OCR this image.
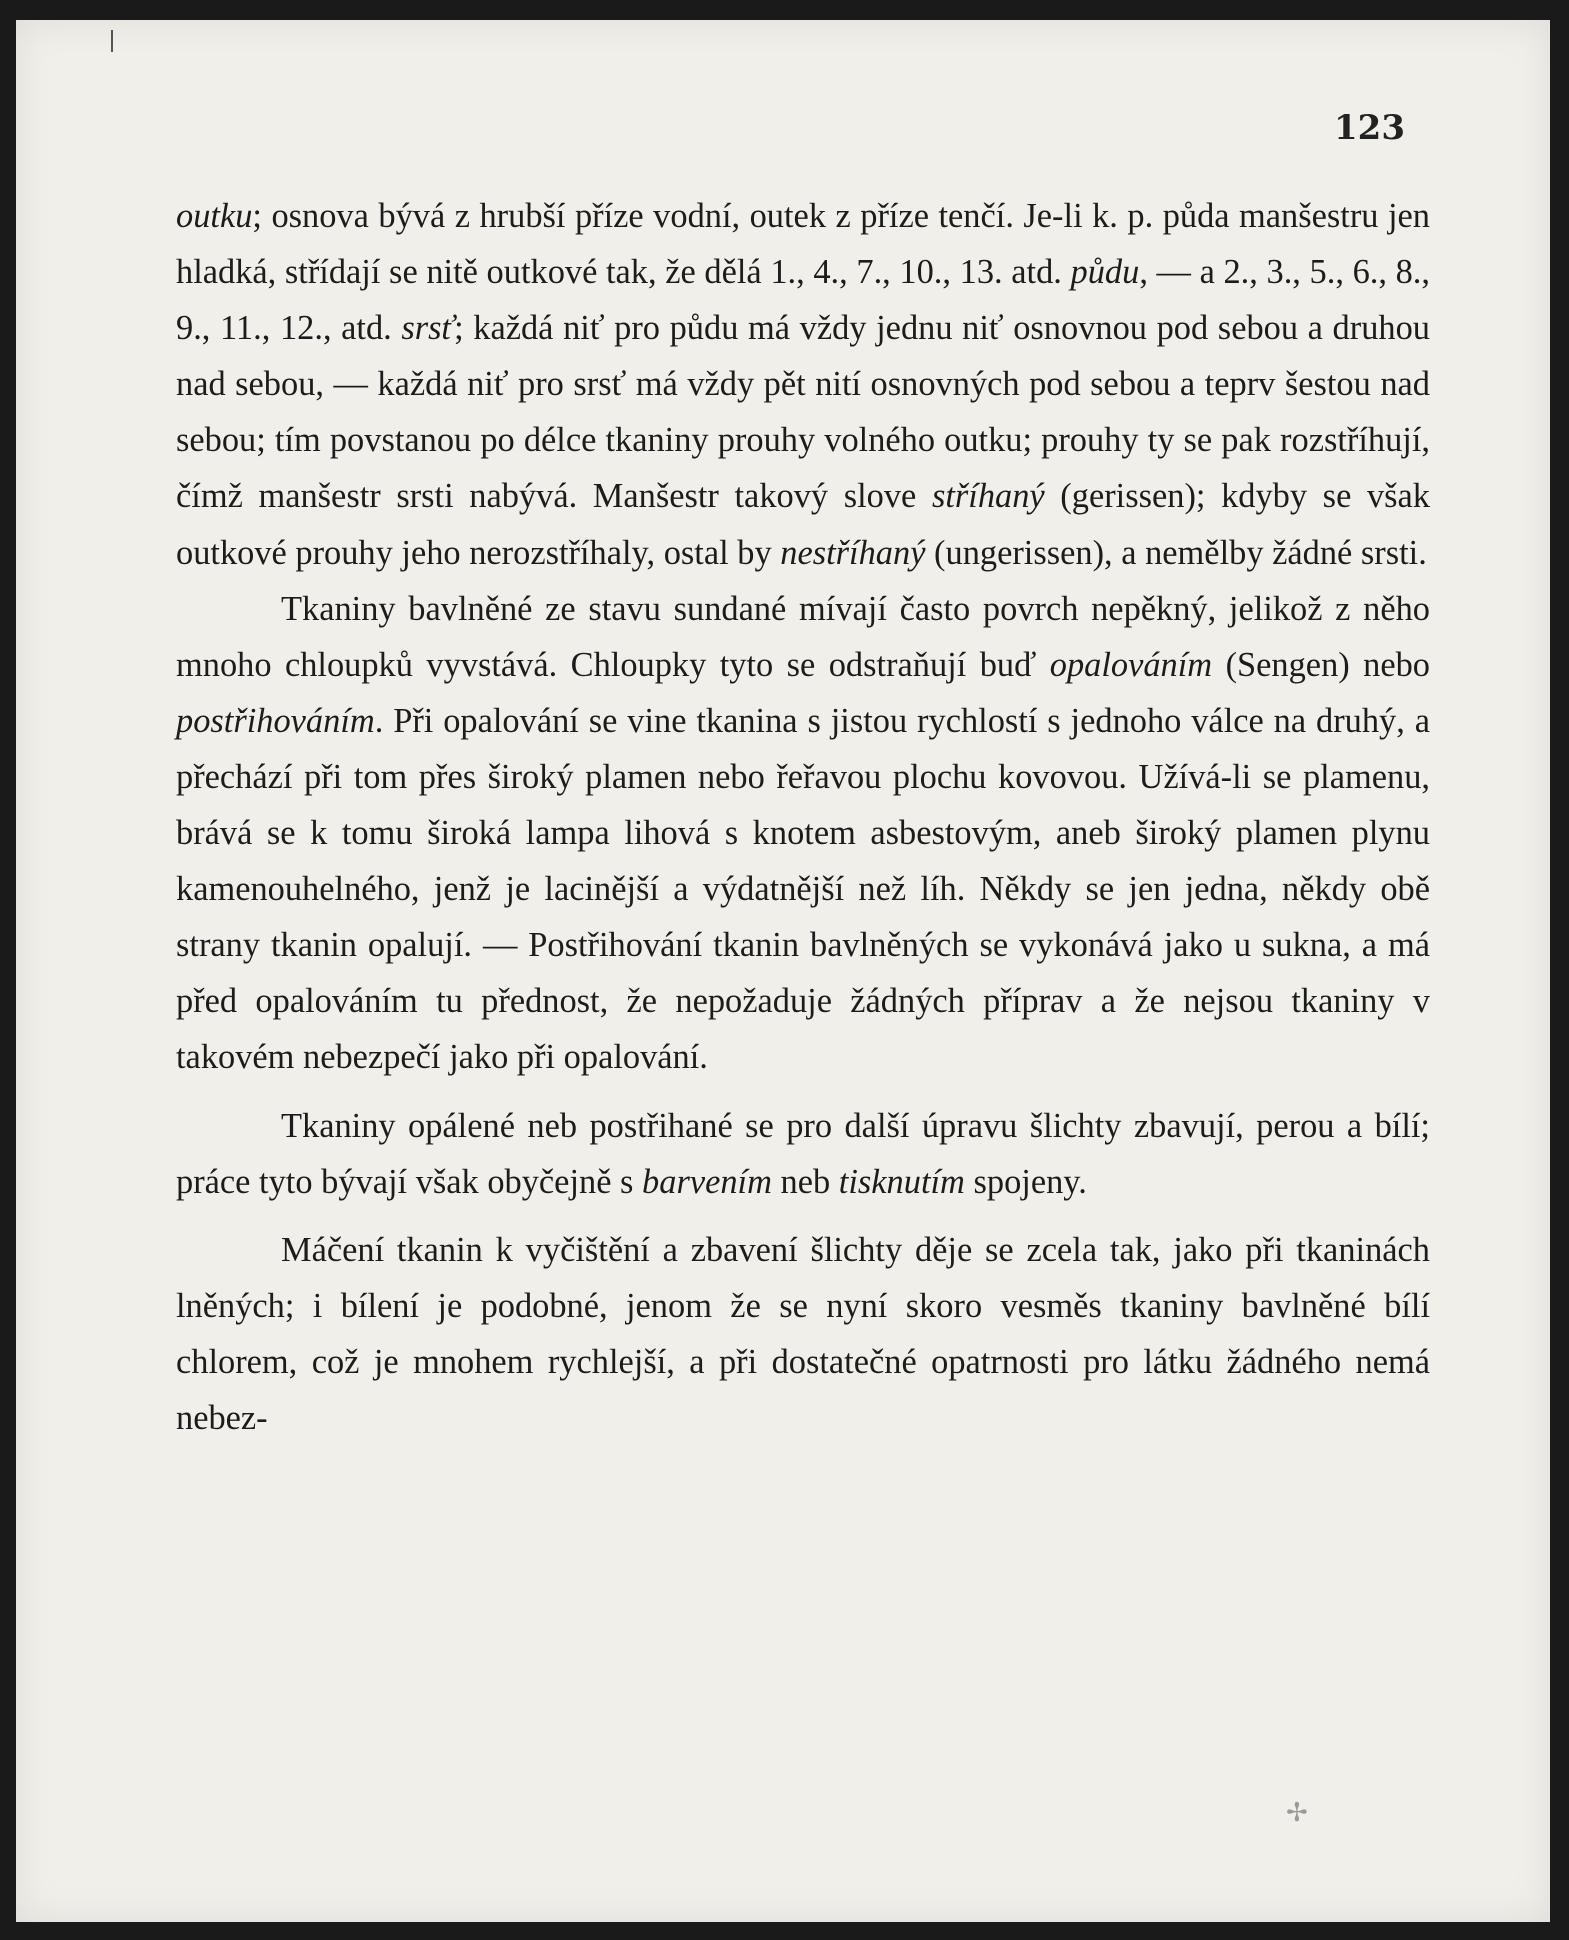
123

outku; osnova bývá z hrubší příze vodní, outek z příze tenčí. Je-li k. p. půda manšestru jen hladká, střídají se nitě outkové tak, že dělá 1., 4., 7., 10., 13. atd. půdu, — a 2., 3., 5., 6., 8., 9., 11., 12., atd. srsť; každá niť pro půdu má vždy jednu niť osnovnou pod sebou a druhou nad sebou, — každá niť pro srsť má vždy pět nití osnovných pod sebou a teprv šestou nad sebou; tím povstanou po délce tkaniny prouhy volného outku; prouhy ty se pak rozstříhují, čímž manšestr srsti nabývá. Manšestr takový slove stříhaný (gerissen); kdyby se však outkové prouhy jeho nerozstříhaly, ostal by nestříhaný (ungerissen), a nemělby žádné srsti.

Tkaniny bavlněné ze stavu sundané mívají často povrch nepěkný, jelikož z něho mnoho chloupků vyvstává. Chloupky tyto se odstraňují buď opalováním (Sengen) nebo postřihováním. Při opalování se vine tkanina s jistou rychlostí s jednoho válce na druhý, a přechází při tom přes široký plamen nebo řeřavou plochu kovovou. Užívá-li se plamenu, brává se k tomu široká lampa lihová s knotem asbestovým, aneb široký plamen plynu kamenouhelného, jenž je lacinější a výdatnější než líh. Někdy se jen jedna, někdy obě strany tkanin opalují. — Postřihování tkanin bavlněných se vykonává jako u sukna, a má před opalováním tu přednost, že nepožaduje žádných příprav a že nejsou tkaniny v takovém nebezpečí jako při opalování.

Tkaniny opálené neb postřihané se pro další úpravu šlichty zbavují, perou a bílí; práce tyto bývají však obyčejně s barvením neb tisknutím spojeny.

Máčení tkanin k vyčištění a zbavení šlichty děje se zcela tak, jako při tkaninách lněných; i bílení je podobné, jenom že se nyní skoro vesměs tkaniny bavlněné bílí chlorem, což je mnohem rychlejší, a při dostatečné opatrnosti pro látku žádného nemá nebez-

✢
